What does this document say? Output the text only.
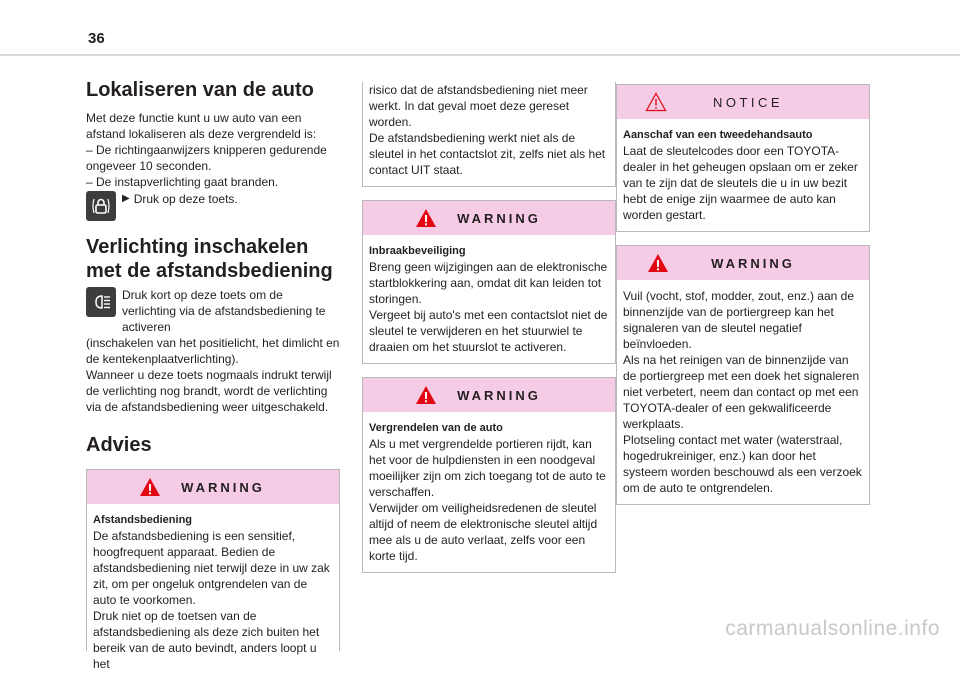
36
Lokaliseren van de auto

Met deze functie kunt u uw auto van een afstand lokaliseren als deze vergrendeld is:
– De richtingaanwijzers knipperen gedurende ongeveer 10 seconden.
– De instapverlichting gaat branden.

▶ Druk op deze toets.

Verlichting inschakelen met de afstandsbediening

Druk kort op deze toets om de verlichting via de afstandsbediening te activeren

(inschakelen van het positielicht, het dimlicht en de kentekenplaatverlichting).
Wanneer u deze toets nogmaals indrukt terwijl de verlichting nog brandt, wordt de verlichting via de afstandsbediening weer uitgeschakeld.

Advies
WARNING
Afstandsbediening

De afstandsbediening is een sensitief, hoogfrequent apparaat. Bedien de afstandsbediening niet terwijl deze in uw zak zit, om per ongeluk ontgrendelen van de auto te voorkomen.
Druk niet op de toetsen van de afstandsbediening als deze zich buiten het bereik van de auto bevindt, anders loopt u het

risico dat de afstandsbediening niet meer werkt. In dat geval moet deze gereset worden.
De afstandsbediening werkt niet als de sleutel in het contactslot zit, zelfs niet als het contact UIT staat.

WARNING
Inbraakbeveiliging

Breng geen wijzigingen aan de elektronische startblokkering aan, omdat dit kan leiden tot storingen.
Vergeet bij auto's met een contactslot niet de sleutel te verwijderen en het stuurwiel te draaien om het stuurslot te activeren.

WARNING
Vergrendelen van de auto

Als u met vergrendelde portieren rijdt, kan het voor de hulpdiensten in een noodgeval moeilijker zijn om zich toegang tot de auto te verschaffen.
Verwijder om veiligheidsredenen de sleutel altijd of neem de elektronische sleutel altijd mee als u de auto verlaat, zelfs voor een korte tijd.

NOTICE
Aanschaf van een tweedehandsauto

Laat de sleutelcodes door een TOYOTA-dealer in het geheugen opslaan om er zeker van te zijn dat de sleutels die u in uw bezit hebt de enige zijn waarmee de auto kan worden gestart.

WARNING

Vuil (vocht, stof, modder, zout, enz.) aan de binnenzijde van de portiergreep kan het signaleren van de sleutel negatief beïnvloeden.
Als na het reinigen van de binnenzijde van de portiergreep met een doek het signaleren niet verbetert, neem dan contact op met een TOYOTA-dealer of een gekwalificeerde werkplaats.
Plotseling contact met water (waterstraal, hogedrukreiniger, enz.) kan door het systeem worden beschouwd als een verzoek om de auto te ontgrendelen.

carmanualsonline.info
